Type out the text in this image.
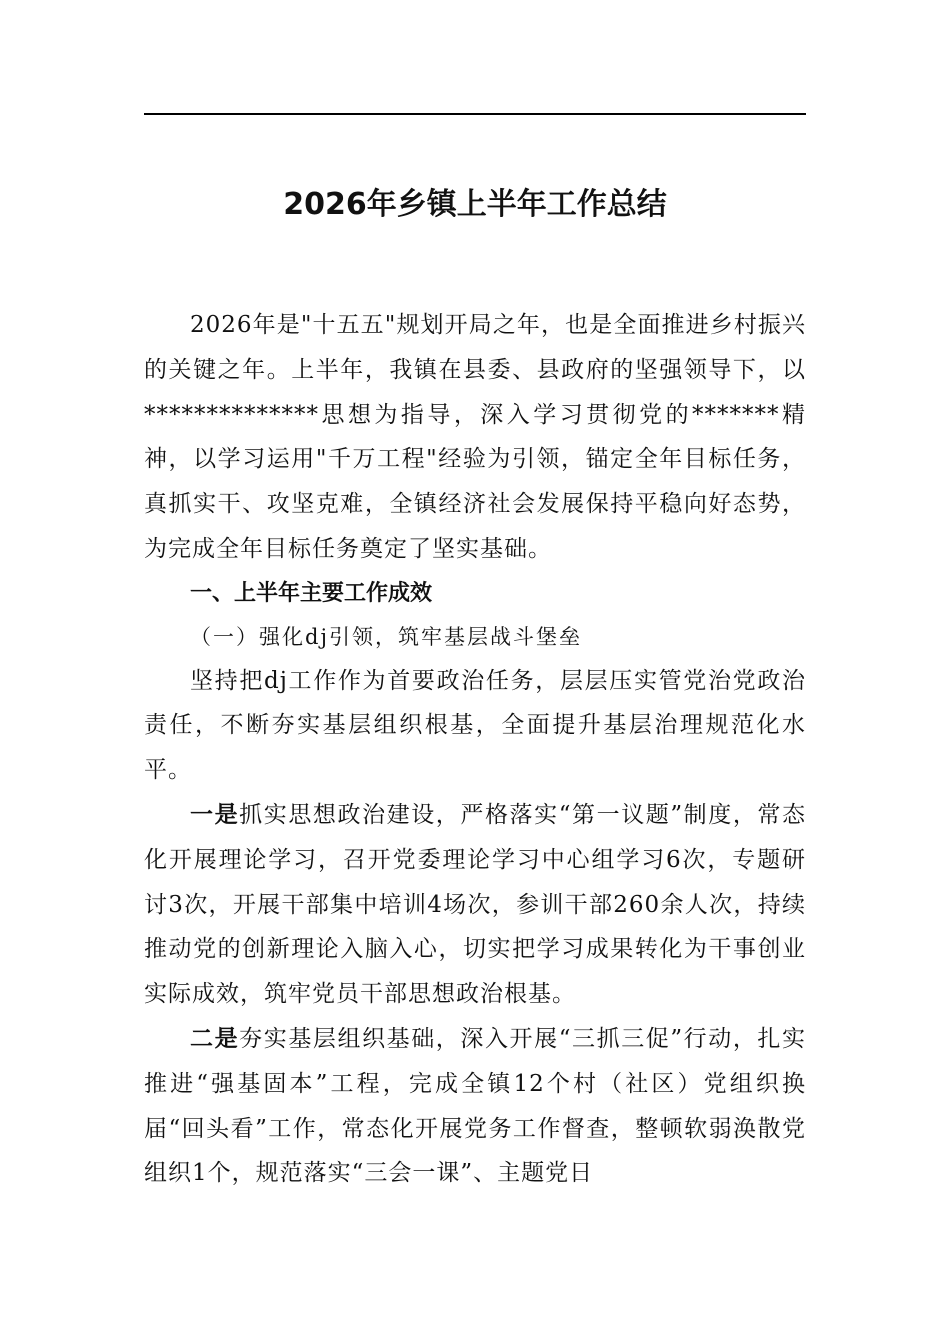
2026年乡镇上半年工作总结

2026年是"十五五"规划开局之年，也是全面推进乡村振兴的关键之年。上半年，我镇在县委、县政府的坚强领导下，以**************思想为指导，深入学习贯彻党的*******精神，以学习运用"千万工程"经验为引领，锚定全年目标任务，真抓实干、攻坚克难，全镇经济社会发展保持平稳向好态势，为完成全年目标任务奠定了坚实基础。

一、上半年主要工作成效

（一）强化dj引领，筑牢基层战斗堡垒

坚持把dj工作作为首要政治任务，层层压实管党治党政治责任，不断夯实基层组织根基，全面提升基层治理规范化水平。

一是抓实思想政治建设，严格落实“第一议题”制度，常态化开展理论学习，召开党委理论学习中心组学习6次，专题研讨3次，开展干部集中培训4场次，参训干部260余人次，持续推动党的创新理论入脑入心，切实把学习成果转化为干事创业实际成效，筑牢党员干部思想政治根基。

二是夯实基层组织基础，深入开展“三抓三促”行动，扎实推进“强基固本”工程，完成全镇12个村（社区）党组织换届“回头看”工作，常态化开展党务工作督查，整顿软弱涣散党组织1个，规范落实“三会一课”、主题党日
